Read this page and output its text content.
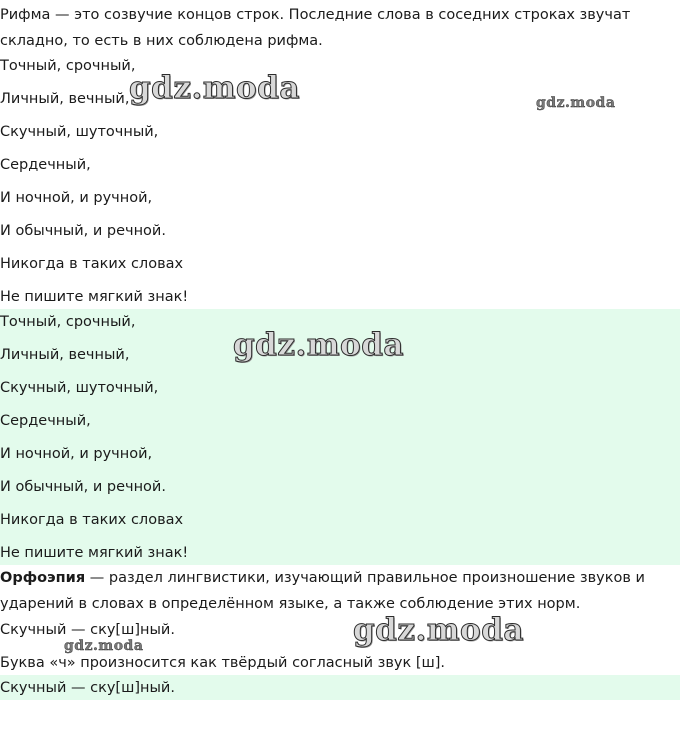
Рифма — это созвучие концов строк. Последние слова в соседних строках звучат складно, то есть в них соблюдена рифма.
Точный, срочный,
Личный, вечный,
Скучный, шуточный,
Сердечный,
И ночной, и ручной,
И обычный, и речной.
Никогда в таких словах
Не пишите мягкий знак!
Точный, срочный,
Личный, вечный,
Скучный, шуточный,
Сердечный,
И ночной, и ручной,
И обычный, и речной.
Никогда в таких словах
Не пишите мягкий знак!
Орфоэпия — раздел лингвистики, изучающий правильное произношение звуков и ударений в словах в определённом языке, а также соблюдение этих норм.
Скучный — ску[ш]ный.
Буква «ч» произносится как твёрдый согласный звук [ш].
Скучный — ску[ш]ный.
gdz.moda	gdz.moda
gdz.moda
gdz.moda
gdz.moda
